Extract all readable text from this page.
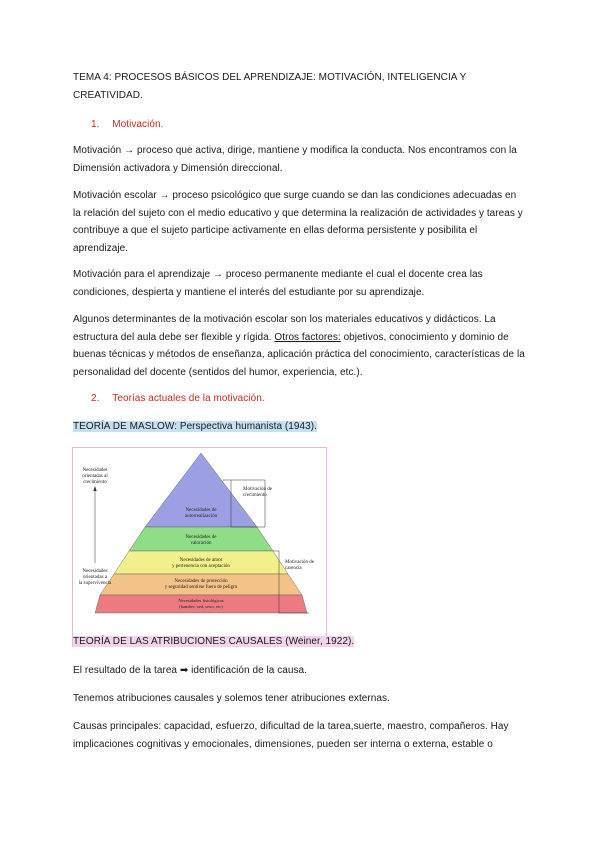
TEMA 4: PROCESOS BÁSICOS DEL APRENDIZAJE: MOTIVACIÓN, INTELIGENCIA Y
CREATIVIDAD.
1. Motivación.
Motivación → proceso que activa, dirige, mantiene y modifica la conducta. Nos encontramos con la
Dimensión activadora y Dimensión direccional.
Motivación escolar → proceso psicológico que surge cuando se dan las condiciones adecuadas en
la relación del sujeto con el medio educativo y que determina la realización de actividades y tareas y
contribuye a que el sujeto participe activamente en ellas deforma persistente y posibilita el
aprendizaje.
Motivación para el aprendizaje → proceso permanente mediante el cual el docente crea las
condiciones, despierta y mantiene el interés del estudiante por su aprendizaje.
Algunos determinantes de la motivación escolar son los materiales educativos y didácticos. La
estructura del aula debe ser flexible y rígida. Otros factores: objetivos, conocimiento y dominio de
buenas técnicas y métodos de enseñanza, aplicación práctica del conocimiento, características de la
personalidad del docente (sentidos del humor, experiencia, etc.).
2. Teorías actuales de la motivación.
TEORÍA DE MASLOW: Perspectiva humanista (1943).
Necesidades de
autorrealización
Necesidades de
valoración
Necesidades de amor
y pertenencia con aceptación
Necesidades de protección
y seguridad sentirse fuera de peligro
Necesidades fisiológicas
(hambre, sed, sexo, etc)
Necesidades
orientadas al
crecimiento
Necesidades
orientadas a
la supervivencia
Motivación de
crecimiento
Motivación de
carencia
TEORÍA DE LAS ATRIBUCIONES CAUSALES (Weiner, 1922).
El resultado de la tarea ➡ identificación de la causa.
Tenemos atribuciones causales y solemos tener atribuciones externas.
Causas principales: capacidad, esfuerzo, dificultad de la tarea,suerte, maestro, compañeros. Hay
implicaciones cognitivas y emocionales, dimensiones, pueden ser interna o externa, estable o
